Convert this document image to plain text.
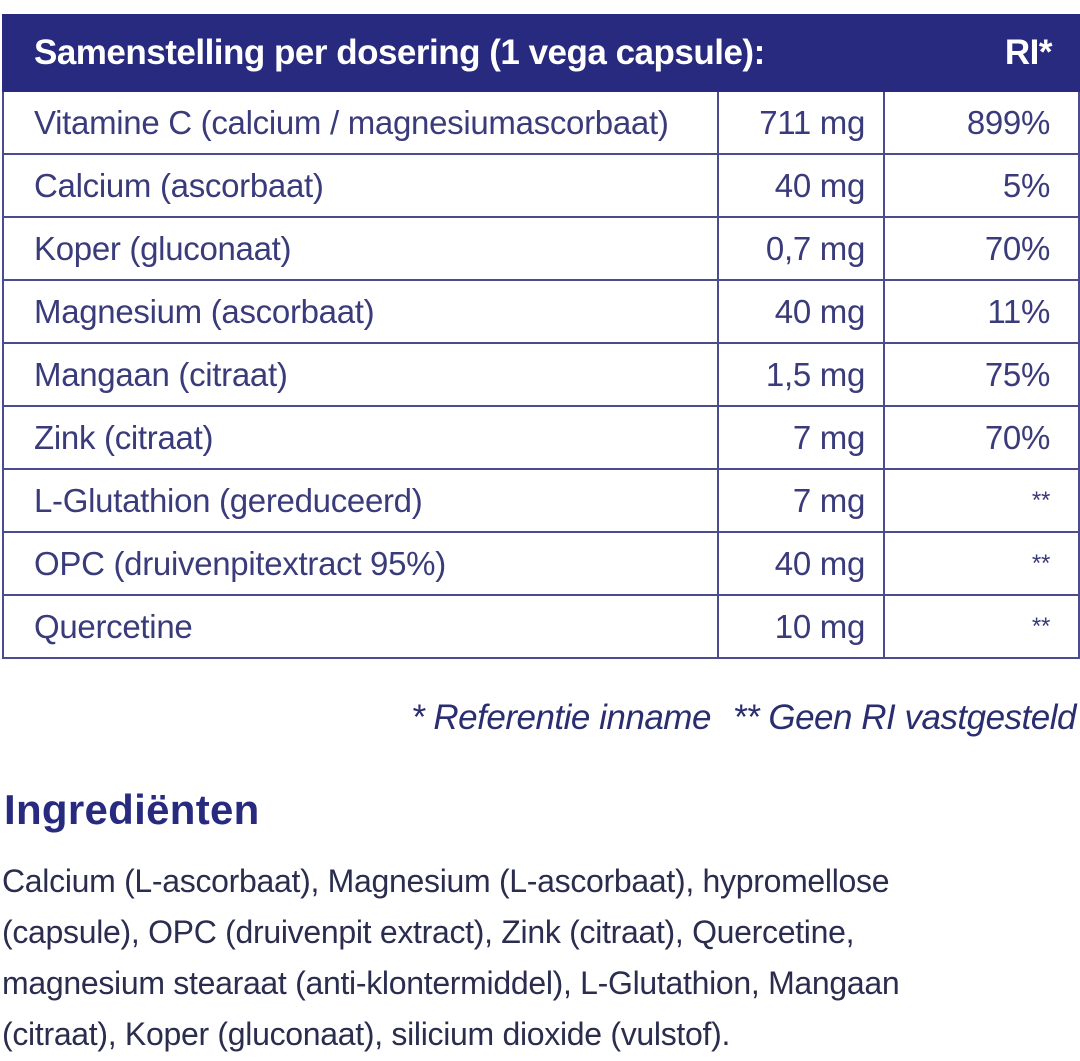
Samenstelling per dosering (1 vega capsule):		RI*
Vitamine C (calcium / magnesiumascorbaat)	711 mg	899%
Calcium (ascorbaat)	40 mg	5%
Koper (gluconaat)	0,7 mg	70%
Magnesium (ascorbaat)	40 mg	11%
Mangaan (citraat)	1,5 mg	75%
Zink (citraat)	7 mg	70%
L-Glutathion (gereduceerd)	7 mg	**
OPC (druivenpitextract 95%)	40 mg	**
Quercetine	10 mg	**
* Referentie inname ** Geen RI vastgesteld
Ingrediënten

Calcium (L-ascorbaat), Magnesium (L-ascorbaat), hypromellose (capsule), OPC (druivenpit extract), Zink (citraat), Quercetine, magnesium stearaat (anti-klontermiddel), L-Glutathion, Mangaan (citraat), Koper (gluconaat), silicium dioxide (vulstof).
